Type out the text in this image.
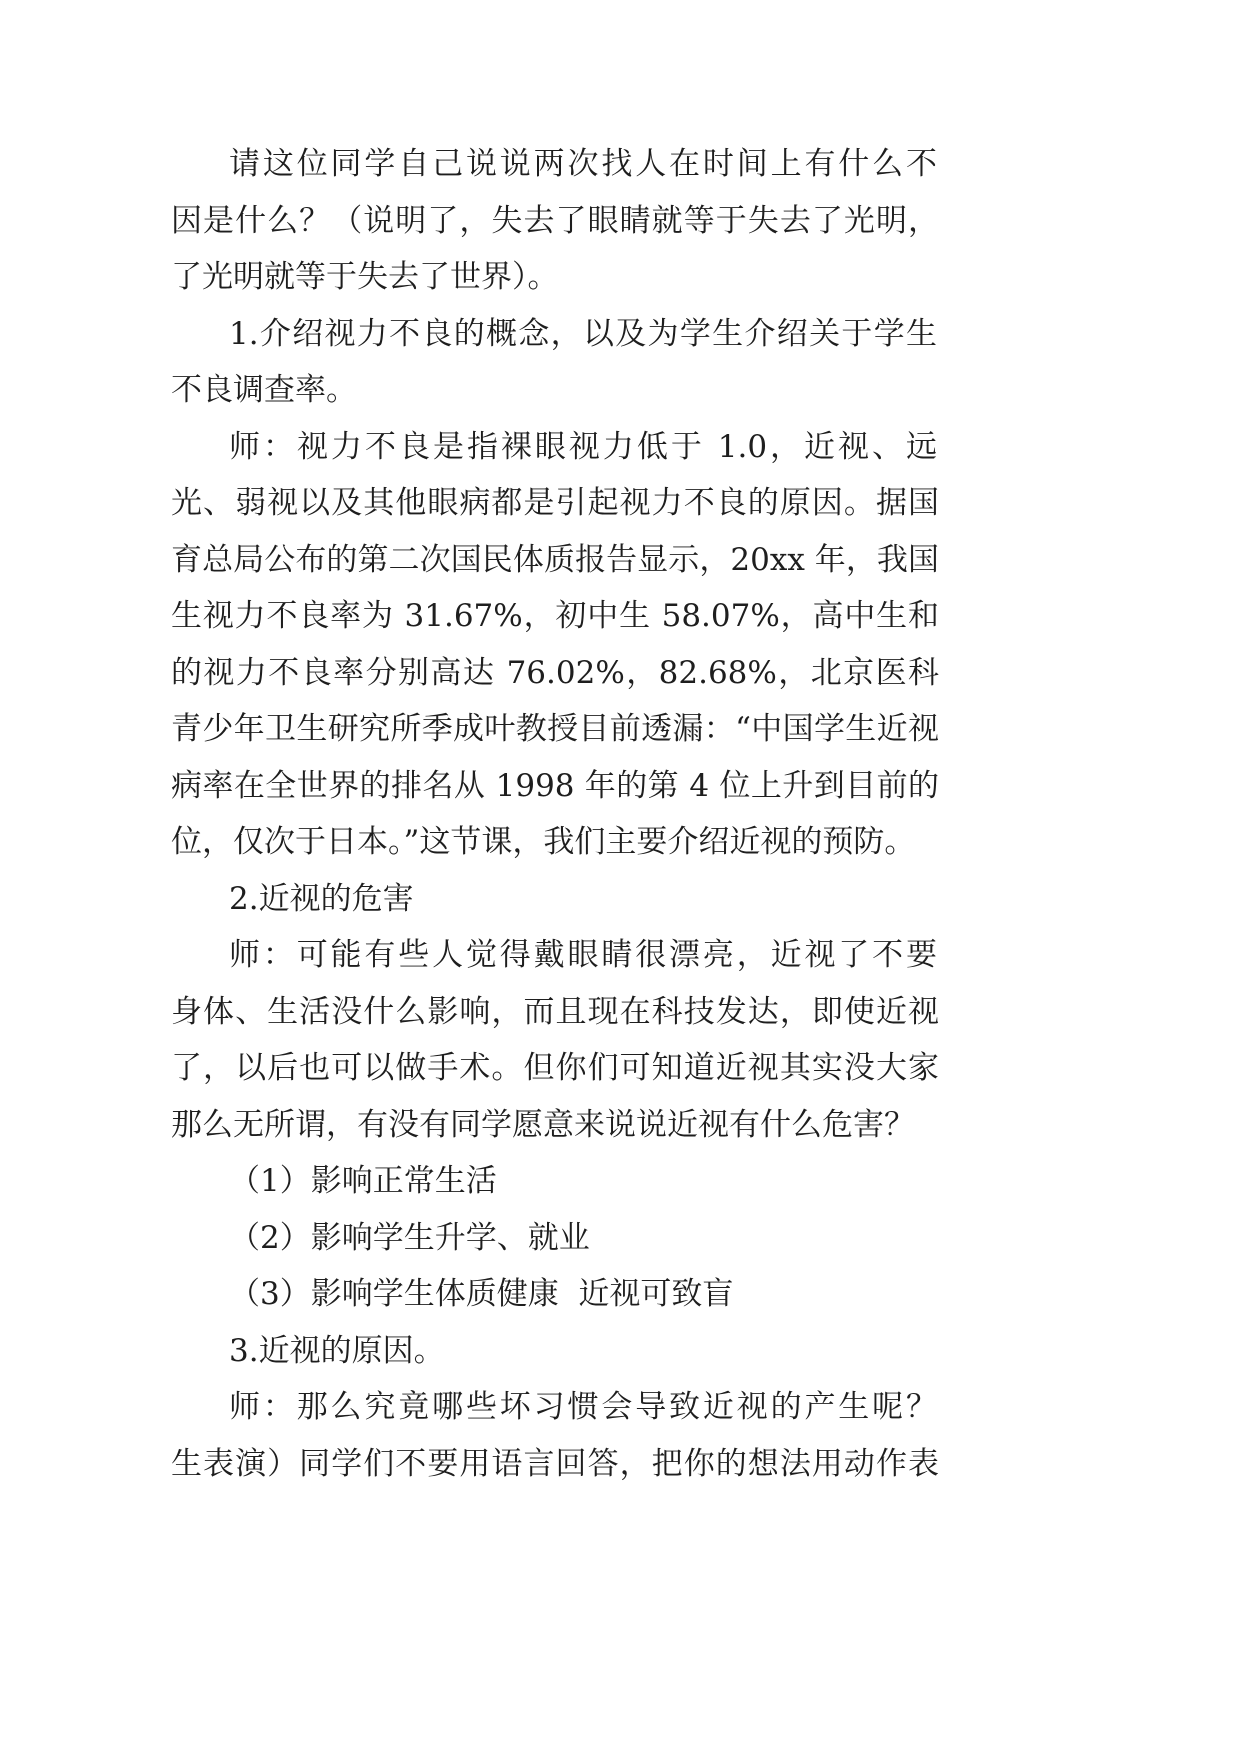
请这位同学自己说说两次找人在时间上有什么不
因是什么？（说明了，失去了眼睛就等于失去了光明，
了光明就等于失去了世界）。
1.介绍视力不良的概念，以及为学生介绍关于学生
不良调查率。
师：视力不良是指裸眼视力低于 1.0，近视、远
光、弱视以及其他眼病都是引起视力不良的原因。据国
育总局公布的第二次国民体质报告显示，20xx 年，我国
生视力不良率为 31.67%，初中生 58.07%，高中生和
的视力不良率分别高达 76.02%，82.68%，北京医科
青少年卫生研究所季成叶教授目前透漏：“中国学生近视
病率在全世界的排名从 1998 年的第 4 位上升到目前的
位，仅次于日本。”这节课，我们主要介绍近视的预防。
2.近视的危害
师：可能有些人觉得戴眼睛很漂亮，近视了不要
身体、生活没什么影响，而且现在科技发达，即使近视
了，以后也可以做手术。但你们可知道近视其实没大家
那么无所谓，有没有同学愿意来说说近视有什么危害？
（1）影响正常生活
（2）影响学生升学、就业
（3）影响学生体质健康  近视可致盲
3.近视的原因。
师：那么究竟哪些坏习惯会导致近视的产生呢？
生表演）同学们不要用语言回答，把你的想法用动作表
